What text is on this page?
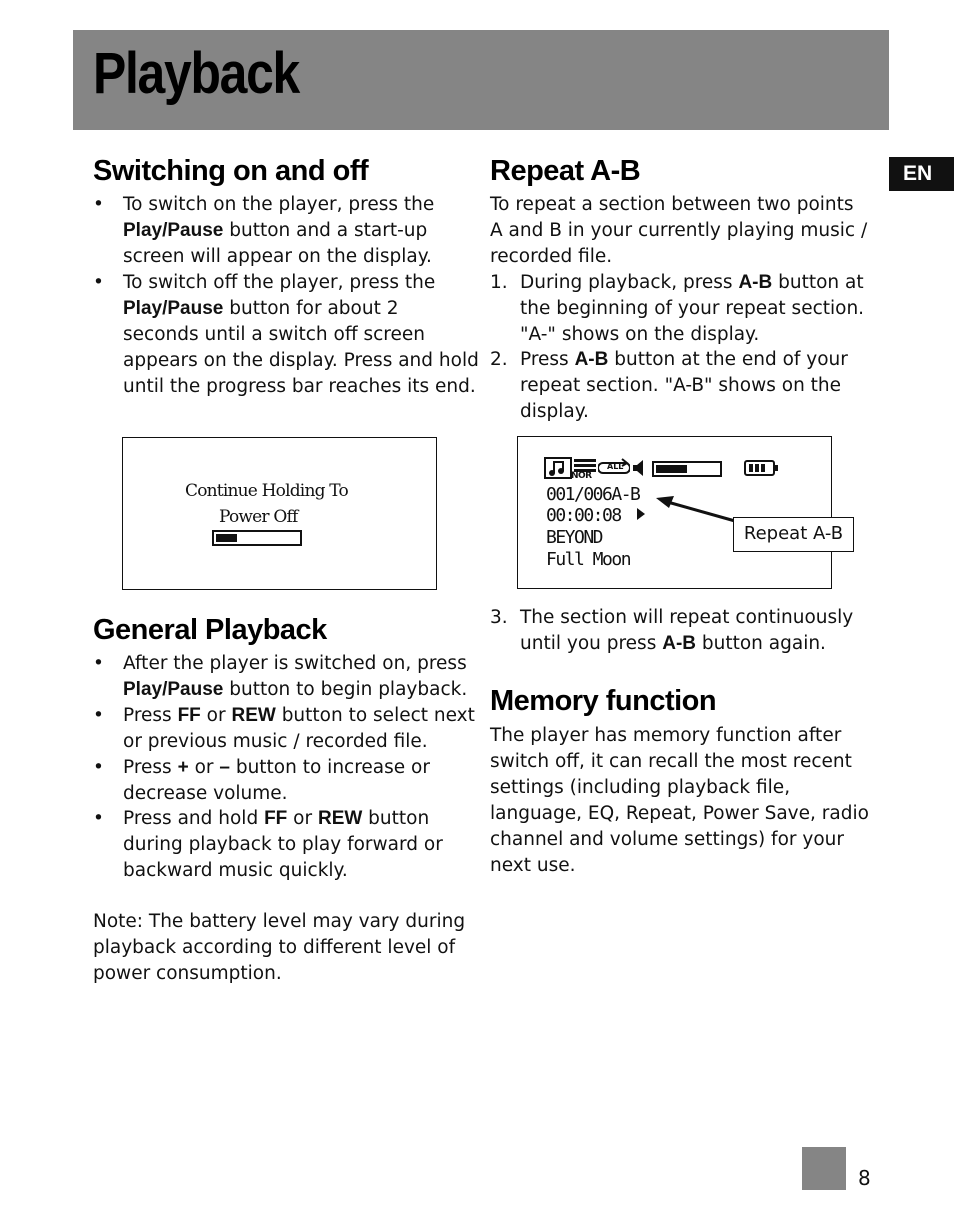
Playback
EN
Switching on and off
• To switch on the player, press the
Play/Pause button and a start-up
screen will appear on the display.
• To switch off the player, press the
Play/Pause button for about 2
seconds until a switch off screen
appears on the display. Press and hold
until the progress bar reaches its end.
Continue Holding To
Power Off
General Playback
• After the player is switched on, press
Play/Pause button to begin playback.
• Press FF or REW button to select next
or previous music / recorded file.
• Press + or – button to increase or
decrease volume.
• Press and hold FF or REW button
during playback to play forward or
backward music quickly.
Note: The battery level may vary during
playback according to different level of
power consumption.
Repeat A-B
To repeat a section between two points
A and B in your currently playing music /
recorded file.
1. During playback, press A-B button at
the beginning of your repeat section.
"A-" shows on the display.
2. Press A-B button at the end of your
repeat section. "A-B" shows on the
display.
NOR
ALL
001/006A-B
00:00:08
BEYOND
Full Moon
Repeat A-B
3. The section will repeat continuously
until you press A-B button again.
Memory function
The player has memory function after
switch off, it can recall the most recent
settings (including playback file,
language, EQ, Repeat, Power Save, radio
channel and volume settings) for your
next use.
8
